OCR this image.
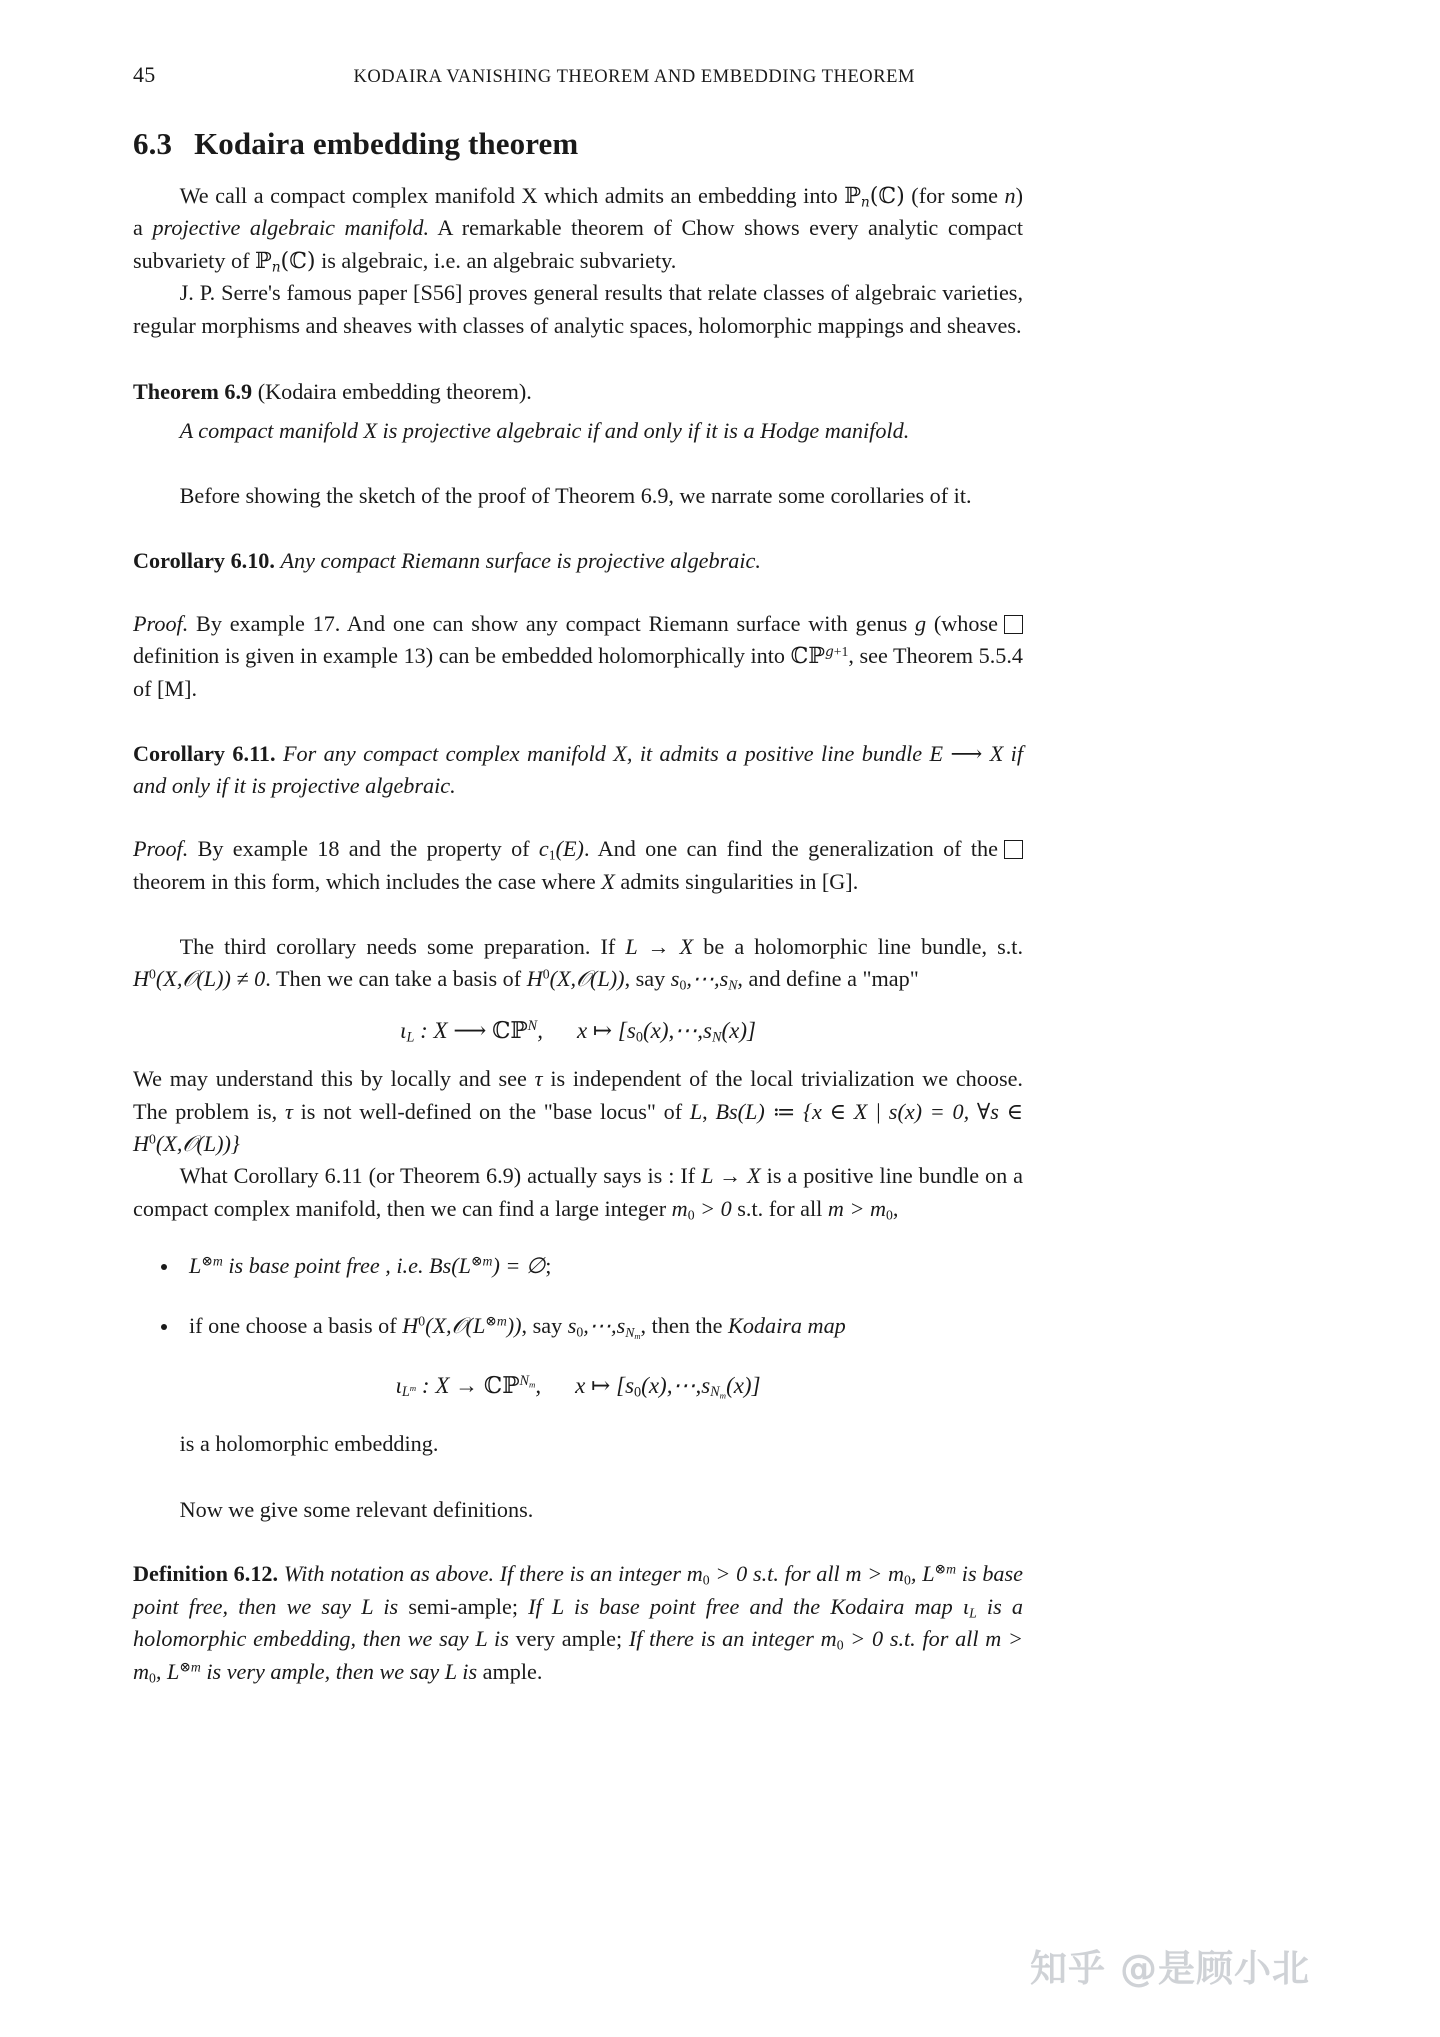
45	KODAIRA VANISHING THEOREM AND EMBEDDING THEOREM
6.3 Kodaira embedding theorem

We call a compact complex manifold X which admits an embedding into ℙ$_n$(ℂ) (for some n) a projective algebraic manifold. A remarkable theorem of Chow shows every analytic compact subvariety of ℙ$_n$(ℂ) is algebraic, i.e. an algebraic subvariety.

J. P. Serre's famous paper [S56] proves general results that relate classes of algebraic varieties, regular morphisms and sheaves with classes of analytic spaces, holomorphic mappings and sheaves.

Theorem 6.9 (Kodaira embedding theorem).

A compact manifold X is projective algebraic if and only if it is a Hodge manifold.

Before showing the sketch of the proof of Theorem 6.9, we narrate some corollaries of it.

Corollary 6.10. Any compact Riemann surface is projective algebraic.

Proof. By example 17. And one can show any compact Riemann surface with genus g (whose definition is given in example 13) can be embedded holomorphically into ℂℙ$^{g+1}$, see Theorem 5.5.4 of [M].

Corollary 6.11. For any compact complex manifold X, it admits a positive line bundle E ⟶ X if and only if it is projective algebraic.

Proof. By example 18 and the property of $c_1(E)$. And one can find the generalization of the theorem in this form, which includes the case where X admits singularities in [G].

The third corollary needs some preparation. If L → X be a holomorphic line bundle, s.t. $H^0(X,𝒪(L)) \ne 0$. Then we can take a basis of $H^0(X,𝒪(L))$, say $s_0,\cdots,s_N$, and define a "map"

$\iota_L$ : X ⟶ ℂℙ$^N$, x ↦ $[s_0(x),\cdots,s_N(x)]$

We may understand this by locally and see τ is independent of the local trivialization we choose. The problem is, τ is not well-defined on the "base locus" of L, Bs(L) ≔ {x ∈ X | s(x) = 0, ∀s ∈ $H^0(X,𝒪(L))$}

What Corollary 6.11 (or Theorem 6.9) actually says is : If L → X is a positive line bundle on a compact complex manifold, then we can find a large integer $m_0 > 0$ s.t. for all $m > m_0$,

$L^{\otimes m}$ is base point free , i.e. $Bs(L^{\otimes m})$ = ∅;
if one choose a basis of $H^0(X,𝒪(L^{\otimes m}))$, say $s_0,\cdots,s_{N_m}$, then the Kodaira map
$\iota_{L^m}$ : X → ℂℙ$^{N_m}$, x ↦ $[s_0(x),\cdots,s_{N_m}(x)]$

is a holomorphic embedding.

Now we give some relevant definitions.

Definition 6.12. With notation as above. If there is an integer $m_0 > 0$ s.t. for all $m > m_0$, $L^{\otimes m}$ is base point free, then we say L is semi-ample; If L is base point free and the Kodaira map $\iota_L$ is a holomorphic embedding, then we say L is very ample; If there is an integer $m_0 > 0$ s.t. for all $m > m_0$, $L^{\otimes m}$ is very ample, then we say L is ample.

知乎 @是顾小北
